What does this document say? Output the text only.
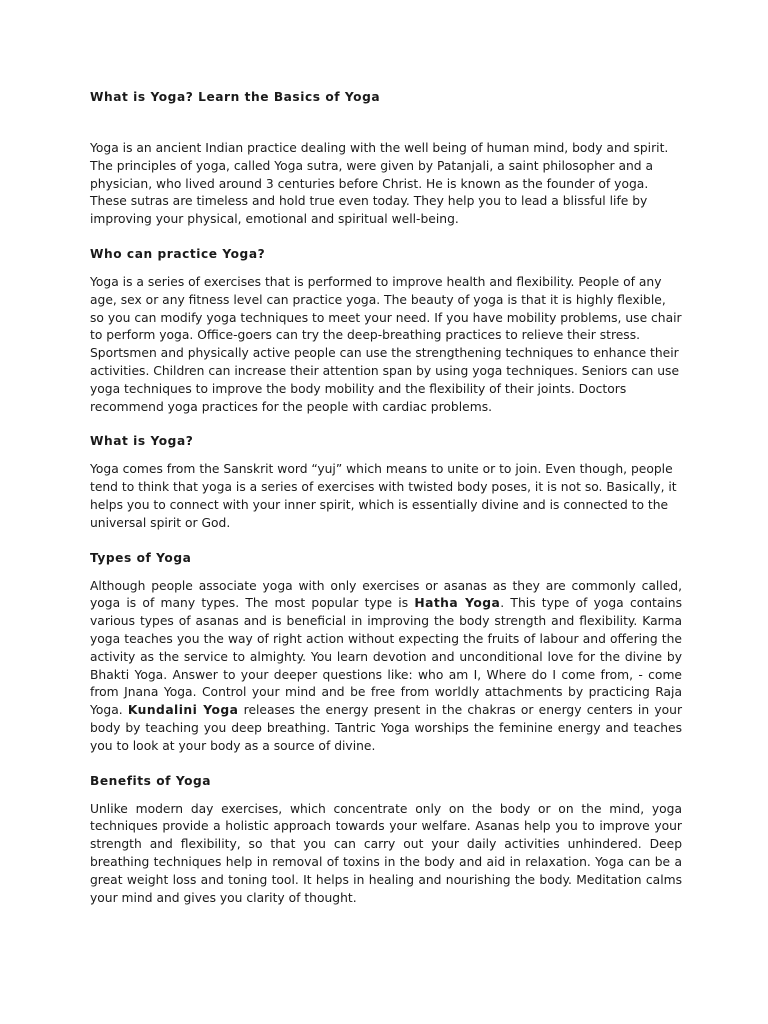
What is Yoga? Learn the Basics of Yoga

Yoga is an ancient Indian practice dealing with the well being of human mind, body and spirit. The principles of yoga, called Yoga sutra, were given by Patanjali, a saint philosopher and a physician, who lived around 3 centuries before Christ. He is known as the founder of yoga. These sutras are timeless and hold true even today. They help you to lead a blissful life by improving your physical, emotional and spiritual well-being.

Who can practice Yoga?

Yoga is a series of exercises that is performed to improve health and flexibility. People of any age, sex or any fitness level can practice yoga. The beauty of yoga is that it is highly flexible, so you can modify yoga techniques to meet your need. If you have mobility problems, use chair to perform yoga. Office-goers can try the deep-breathing practices to relieve their stress. Sportsmen and physically active people can use the strengthening techniques to enhance their activities. Children can increase their attention span by using yoga techniques. Seniors can use yoga techniques to improve the body mobility and the flexibility of their joints. Doctors recommend yoga practices for the people with cardiac problems.

What is Yoga?

Yoga comes from the Sanskrit word “yuj” which means to unite or to join. Even though, people tend to think that yoga is a series of exercises with twisted body poses, it is not so. Basically, it helps you to connect with your inner spirit, which is essentially divine and is connected to the universal spirit or God.

Types of Yoga

Although people associate yoga with only exercises or asanas as they are commonly called, yoga is of many types. The most popular type is Hatha Yoga. This type of yoga contains various types of asanas and is beneficial in improving the body strength and flexibility. Karma yoga teaches you the way of right action without expecting the fruits of labour and offering the activity as the service to almighty. You learn devotion and unconditional love for the divine by Bhakti Yoga. Answer to your deeper questions like: who am I, Where do I come from, - come from Jnana Yoga. Control your mind and be free from worldly attachments by practicing Raja Yoga. Kundalini Yoga releases the energy present in the chakras or energy centers in your body by teaching you deep breathing. Tantric Yoga worships the feminine energy and teaches you to look at your body as a source of divine.

Benefits of Yoga

Unlike modern day exercises, which concentrate only on the body or on the mind, yoga techniques provide a holistic approach towards your welfare. Asanas help you to improve your strength and flexibility, so that you can carry out your daily activities unhindered. Deep breathing techniques help in removal of toxins in the body and aid in relaxation. Yoga can be a great weight loss and toning tool. It helps in healing and nourishing the body. Meditation calms your mind and gives you clarity of thought.
